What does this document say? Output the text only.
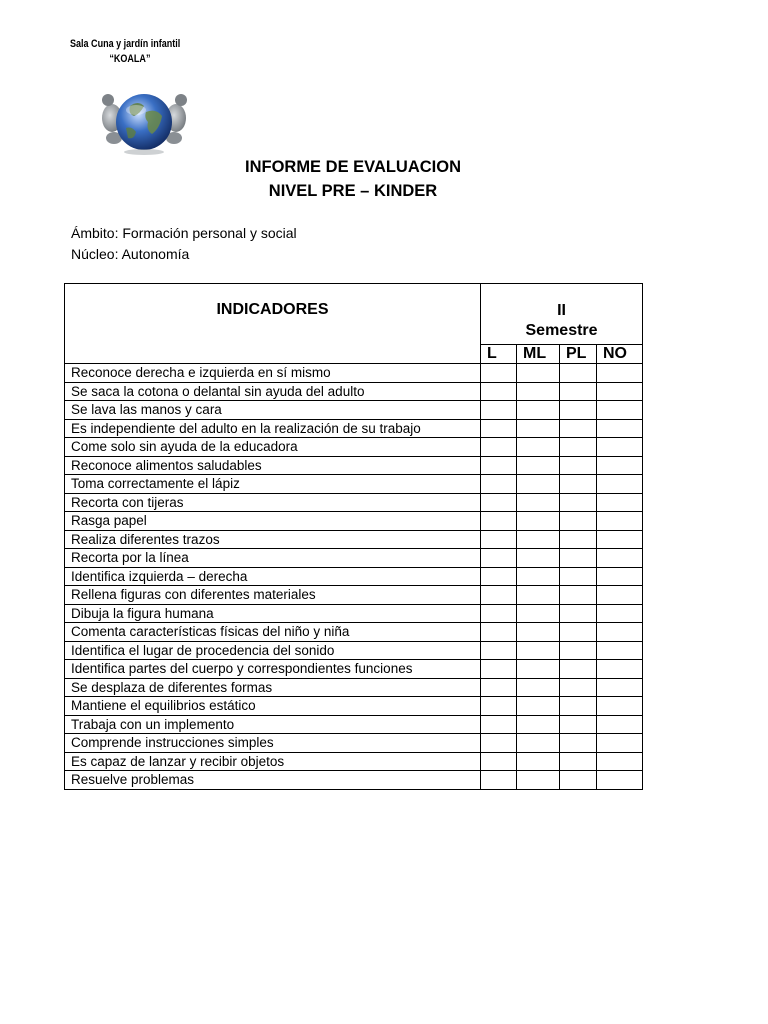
Sala Cuna y jardín infantil
“KOALA”
INFORME DE EVALUACION
NIVEL PRE – KINDER
Ámbito: Formación personal y social
Núcleo: Autonomía
INDICADORES	II
Semestre			

	L	ML	PL	NO
Reconoce derecha e izquierda en sí mismo				
Se saca la cotona o delantal sin ayuda del adulto				
Se lava las manos y cara				
Es independiente del adulto en la realización de su trabajo				
Come solo sin ayuda de la educadora				
Reconoce alimentos saludables				
Toma correctamente el lápiz				
Recorta con tijeras				
Rasga papel				
Realiza diferentes trazos				
Recorta por la línea				
Identifica izquierda – derecha				
Rellena figuras con diferentes materiales				
Dibuja la figura humana				
Comenta características físicas del niño y niña				
Identifica el lugar de procedencia del sonido				
Identifica partes del cuerpo y correspondientes funciones				
Se desplaza de diferentes formas				
Mantiene el equilibrios estático				
Trabaja con un implemento				
Comprende instrucciones simples				
Es capaz de lanzar y recibir objetos				
Resuelve problemas				
